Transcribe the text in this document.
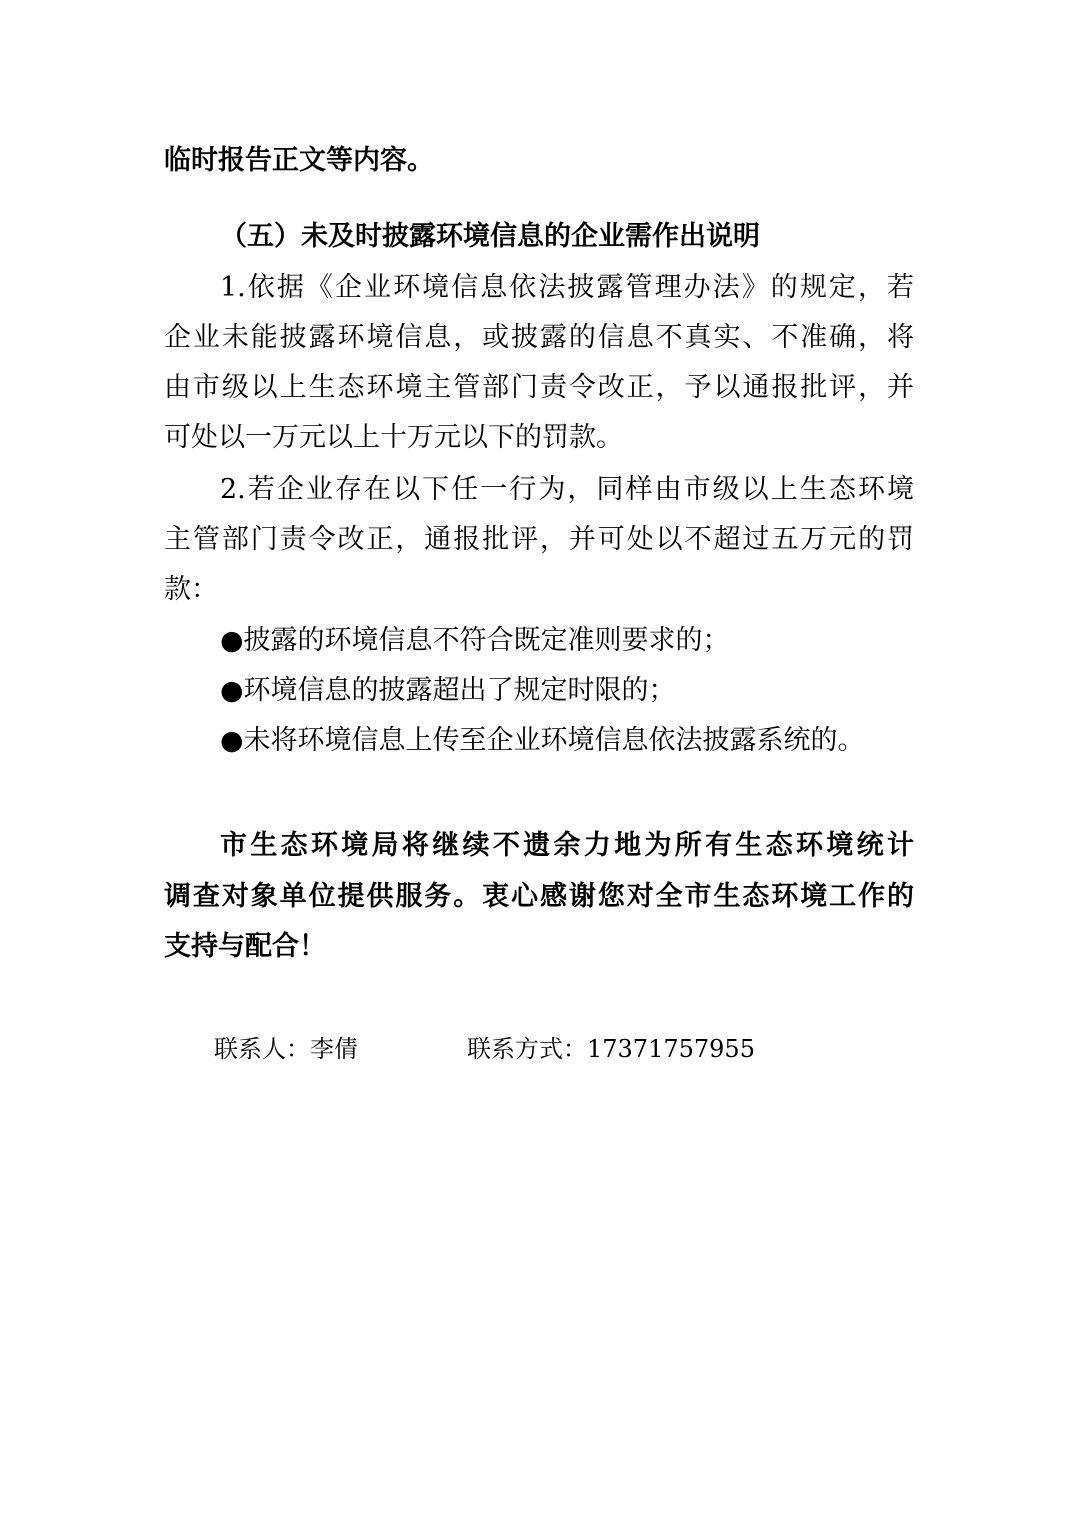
临时报告正文等内容。
（五）未及时披露环境信息的企业需作出说明
1.依据《企业环境信息依法披露管理办法》的规定，若
企业未能披露环境信息，或披露的信息不真实、不准确，将
由市级以上生态环境主管部门责令改正，予以通报批评，并
可处以一万元以上十万元以下的罚款。
2.若企业存在以下任一行为，同样由市级以上生态环境
主管部门责令改正，通报批评，并可处以不超过五万元的罚
款：
●披露的环境信息不符合既定准则要求的；
●环境信息的披露超出了规定时限的；
●未将环境信息上传至企业环境信息依法披露系统的。
市生态环境局将继续不遗余力地为所有生态环境统计
调查对象单位提供服务。衷心感谢您对全市生态环境工作的
支持与配合！
联系人：李倩	联系方式：17371757955
